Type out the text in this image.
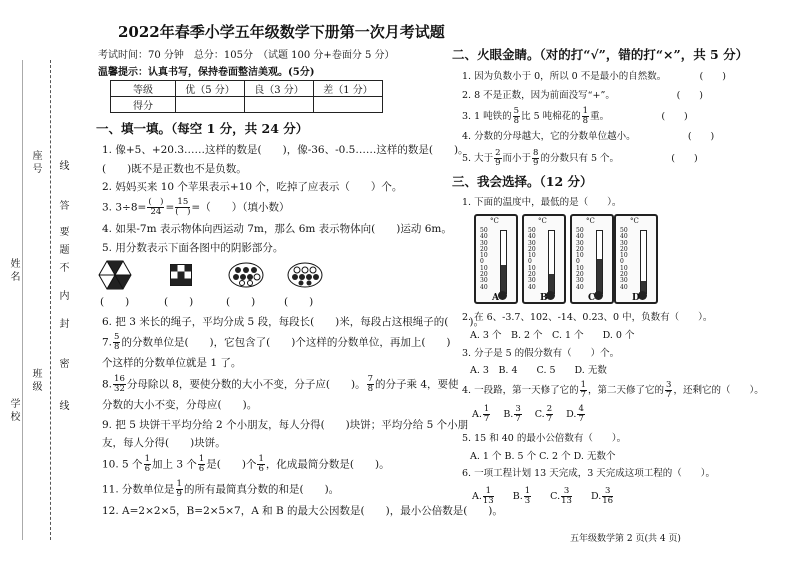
座号
姓名
班级
学校
线
内
不
要
答
题
密
封
线
2022年春季小学五年级数学下册第一次月考试题
考试时间：70 分钟　总分：105分　（试题 100 分+卷面分 5 分）
温馨提示：认真书写，保持卷面整洁美观。(5分)
等级	优（5 分）	良（3 分）	差（1 分）
得分			
一、填一填。（每空 1 分，共 24 分）
1. 像+5、+20.3……这样的数是(　　)，像-36、-0.5……这样的数是(　　)。
(　　)既不是正数也不是负数。
2. 妈妈买来 10 个苹果表示+10 个，吃掉了应表示（　　）个。
3. $3\div 8= \frac{( )}{24} = \frac{15}{( )}$ =（　　）（填小数）
4. 如果-7m 表示物体向西运动 7m，那么 6m 表示物体向(　　)运动 6m。
5. 用分数表示下面各图中的阴影部分。
(　　)	(　　)	(　　)	(　　)
6. 把 3 米长的绳子，平均分成 5 段，每段长(　　)米，每段占这根绳子的(　　)。
7. $\frac{5}{8}$ 的分数单位是(　　)，它包含了(　　)个这样的分数单位，再加上(　　)
个这样的分数单位就是 1 了。
8. $\frac{16}{32}$ 分母除以 8，要使分数的大小不变，分子应(　　)。 $\frac{7}{8}$ 的分子乘 4，要使
分数的大小不变，分母应(　　)。
9. 把 5 块饼干平均分给 2 个小朋友，每人分得(　　)块饼；平均分给 5 个小朋
友，每人分得(　　)块饼。
10. 5 个 $\frac{1}{6}$ 加上 3 个 $\frac{1}{6}$ 是(　　)个 $\frac{1}{6}$ ，化成最简分数是(　　)。
11. 分数单位是 $\frac{1}{9}$ 的所有最简真分数的和是(　　)。
12. A=2×2×5，B=2×5×7，A 和 B 的最大公因数是(　　)，最小公倍数是(　　)。
二、火眼金睛。（对的打“√”，错的打“×”，共 5 分）
1. 因为负数小于 0，所以 0 不是最小的自然数。　　　　(　　)
2. 8 不是正数，因为前面没写“+”。　　　　　　　(　　)
3. 1 吨铁的 $\frac{5}{8}$ 比 5 吨棉花的 $\frac{1}{8}$ 重。　　　　　　(　　)
4. 分数的分母越大，它的分数单位越小。　　　　　　(　　)
5. 大于 $\frac{2}{9}$ 而小于 $\frac{8}{9}$ 的分数只有 5 个。　　　　　　(　　)
三、我会选择。（12 分）
1. 下面的温度中，最低的是（　　）。
°C
50
40
30
20
10
0
10
20
30
40
A
°C
50
40
30
20
10
0
10
20
30
40
B
°C
50
40
30
20
10
0
10
20
30
40
C
°C
50
40
30
20
10
0
10
20
30
40
D
2. 在 6、-3.7、102、-14、0.23、0 中，负数有（　　）。
A. 3 个　B. 2 个　C. 1 个　　D. 0 个
3. 分子是 5 的假分数有（　　）个。
A. 3　B. 4　　C. 5　　D. 无数
4. 一段路，第一天修了它的 $\frac{1}{7}$ ，第二天修了它的 $\frac{3}{7}$ ，还剩它的（　　）。
A. $\frac{1}{7} B$. $\frac{3}{7} C$. $\frac{2}{7} D$. $\frac{4}{7}$
5. 15 和 40 的最小公倍数有（　　）。
A. 1 个 B. 5 个 C. 2 个 D. 无数个
6. 一项工程计划 13 天完成，3 天完成这项工程的（　　）。
A. $\frac{1}{13} B$. $\frac{1}{3} C$. $\frac{3}{13} D$. $\frac{3}{16}$
五年级数学第 2 页(共 4 页)
